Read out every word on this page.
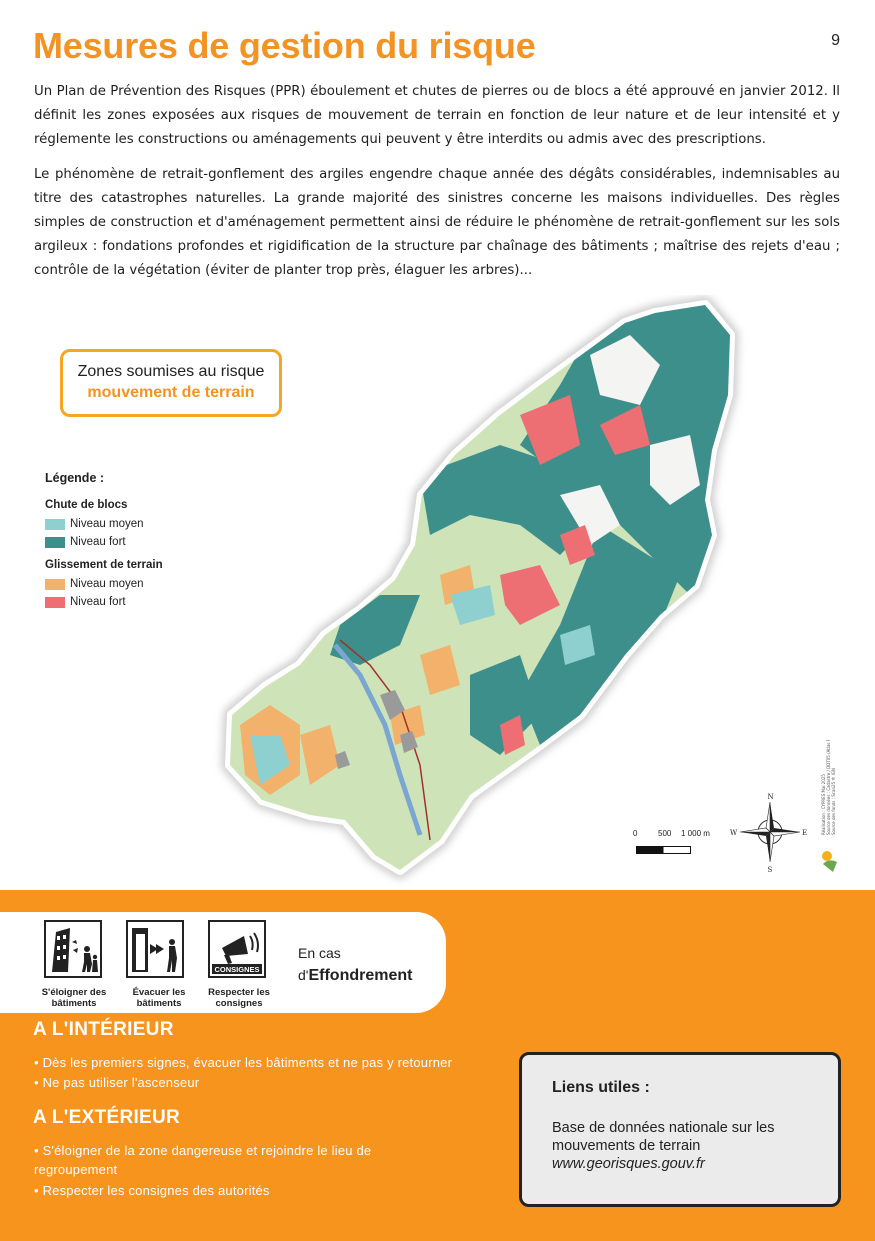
Mesures de gestion du risque	9

Un Plan de Prévention des Risques (PPR) éboulement et chutes de pierres ou de blocs a été approuvé en janvier 2012. Il définit les zones exposées aux risques de mouvement de terrain en fonction de leur nature et de leur intensité et y réglemente les constructions ou aménagements qui peuvent y être interdits ou admis avec des prescriptions.

Le phénomène de retrait-gonflement des argiles engendre chaque année des dégâts considérables, indemnisables au titre des catastrophes naturelles. La grande majorité des sinistres concerne les maisons individuelles. Des règles simples de construction et d'aménagement permettent ainsi de réduire le phénomène de retrait-gonflement sur les sols argileux : fondations profondes et rigidification de la structure par chaînage des bâtiments ; maîtrise des rejets d'eau ; contrôle de la végétation (éviter de planter trop près, élaguer les arbres)...

N
S
E
W
Zones soumises au risque
mouvement de terrain
Légende :
Chute de blocs
Niveau moyen
Niveau fort
Glissement de terrain
Niveau moyen
Niveau fort
0	500 1 000 m	Réalisation : CYPRES Mai 2025 Source des données : Cadastre / DDT05 (Atlas PPR) Source des fonds : Scan25 ® IGN
CONSIGNES
S'éloigner des bâtiments
Évacuer les bâtiments
Respecter les consignes
En cas
d'Effondrement
A L'INTÉRIEUR
• Dès les premiers signes, évacuer les bâtiments et ne pas y retourner
• Ne pas utiliser l'ascenseur
A L'EXTÉRIEUR
• S'éloigner de la zone dangereuse et rejoindre le lieu de regroupement
• Respecter les consignes des autorités
Liens utiles :
Base de données nationale sur les mouvements de terrain
www.georisques.gouv.fr
